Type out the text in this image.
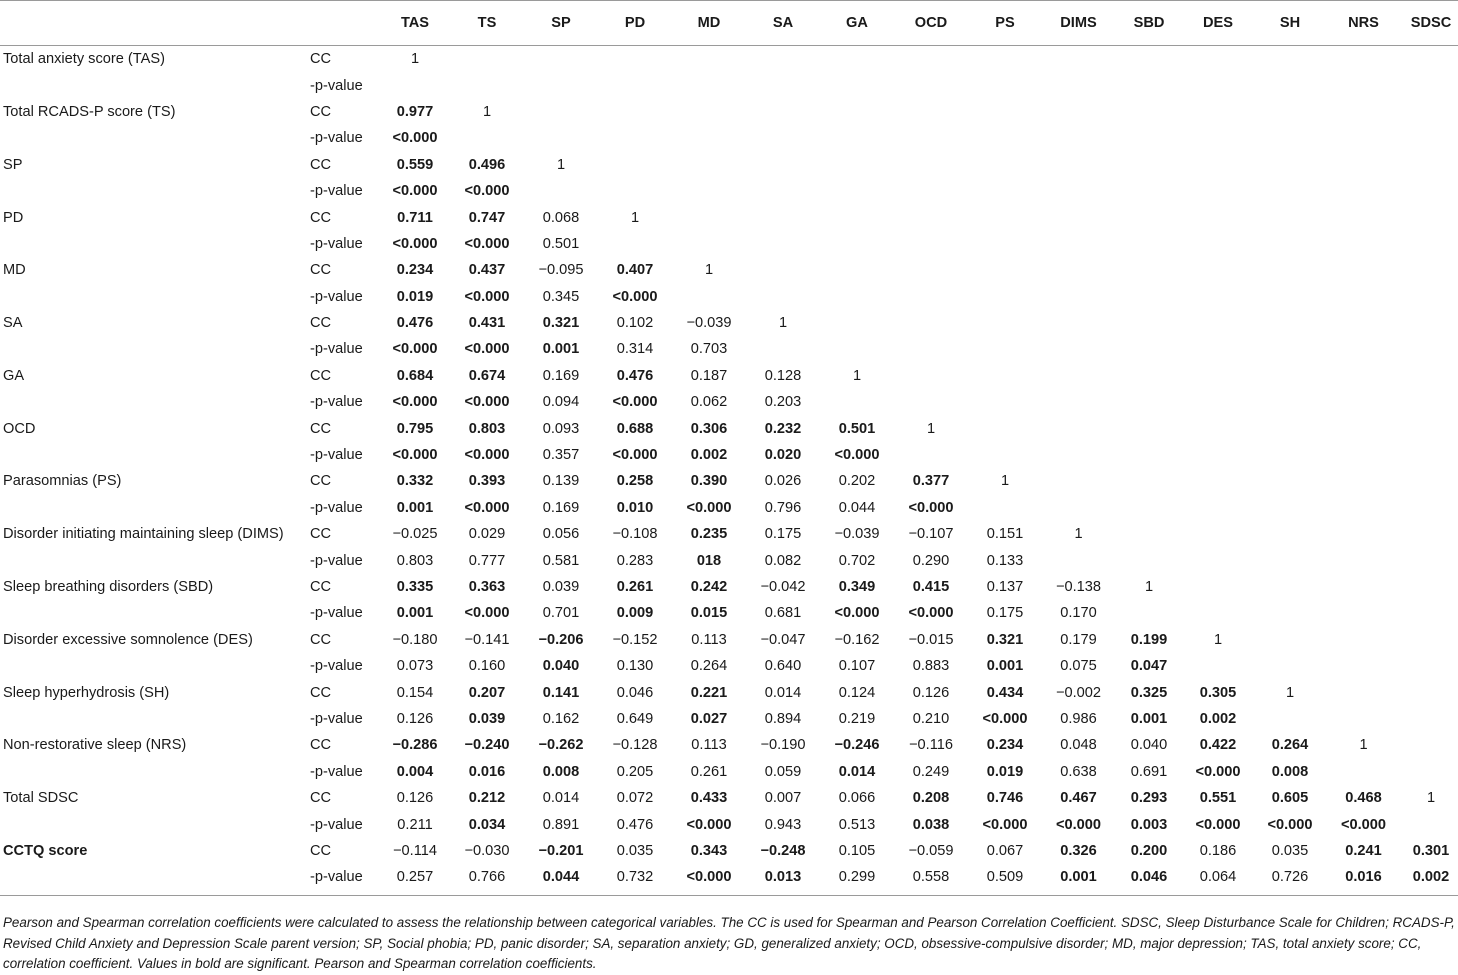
		TAS	TS	SP	PD	MD	SA	GA	OCD	PS	DIMS	SBD	DES	SH	NRS	SDSC
Total anxiety score (TAS)	CC	1														
	-p-value															
Total RCADS-P score (TS)	CC	0.977	1													
	-p-value	<0.000														
SP	CC	0.559	0.496	1												
	-p-value	<0.000	<0.000													
PD	CC	0.711	0.747	0.068	1											
	-p-value	<0.000	<0.000	0.501												
MD	CC	0.234	0.437	−0.095	0.407	1										
	-p-value	0.019	<0.000	0.345	<0.000											
SA	CC	0.476	0.431	0.321	0.102	−0.039	1									
	-p-value	<0.000	<0.000	0.001	0.314	0.703										
GA	CC	0.684	0.674	0.169	0.476	0.187	0.128	1								
	-p-value	<0.000	<0.000	0.094	<0.000	0.062	0.203									
OCD	CC	0.795	0.803	0.093	0.688	0.306	0.232	0.501	1							
	-p-value	<0.000	<0.000	0.357	<0.000	0.002	0.020	<0.000								
Parasomnias (PS)	CC	0.332	0.393	0.139	0.258	0.390	0.026	0.202	0.377	1						
	-p-value	0.001	<0.000	0.169	0.010	<0.000	0.796	0.044	<0.000							
Disorder initiating maintaining sleep (DIMS)	CC	−0.025	0.029	0.056	−0.108	0.235	0.175	−0.039	−0.107	0.151	1					
	-p-value	0.803	0.777	0.581	0.283	018	0.082	0.702	0.290	0.133						
Sleep breathing disorders (SBD)	CC	0.335	0.363	0.039	0.261	0.242	−0.042	0.349	0.415	0.137	−0.138	1				
	-p-value	0.001	<0.000	0.701	0.009	0.015	0.681	<0.000	<0.000	0.175	0.170					
Disorder excessive somnolence (DES)	CC	−0.180	−0.141	−0.206	−0.152	0.113	−0.047	−0.162	−0.015	0.321	0.179	0.199	1			
	-p-value	0.073	0.160	0.040	0.130	0.264	0.640	0.107	0.883	0.001	0.075	0.047				
Sleep hyperhydrosis (SH)	CC	0.154	0.207	0.141	0.046	0.221	0.014	0.124	0.126	0.434	−0.002	0.325	0.305	1		
	-p-value	0.126	0.039	0.162	0.649	0.027	0.894	0.219	0.210	<0.000	0.986	0.001	0.002			
Non-restorative sleep (NRS)	CC	−0.286	−0.240	−0.262	−0.128	0.113	−0.190	−0.246	−0.116	0.234	0.048	0.040	0.422	0.264	1	
	-p-value	0.004	0.016	0.008	0.205	0.261	0.059	0.014	0.249	0.019	0.638	0.691	<0.000	0.008		
Total SDSC	CC	0.126	0.212	0.014	0.072	0.433	0.007	0.066	0.208	0.746	0.467	0.293	0.551	0.605	0.468	1
	-p-value	0.211	0.034	0.891	0.476	<0.000	0.943	0.513	0.038	<0.000	<0.000	0.003	<0.000	<0.000	<0.000	
CCTQ score	CC	−0.114	−0.030	−0.201	0.035	0.343	−0.248	0.105	−0.059	0.067	0.326	0.200	0.186	0.035	0.241	0.301
	-p-value	0.257	0.766	0.044	0.732	<0.000	0.013	0.299	0.558	0.509	0.001	0.046	0.064	0.726	0.016	0.002
Pearson and Spearman correlation coefficients were calculated to assess the relationship between categorical variables. The CC is used for Spearman and Pearson Correlation Coefficient. SDSC, Sleep Disturbance Scale for Children; RCADS-P, Revised Child Anxiety and Depression Scale parent version; SP, Social phobia; PD, panic disorder; SA, separation anxiety; GD, generalized anxiety; OCD, obsessive-compulsive disorder; MD, major depression; TAS, total anxiety score; CC, correlation coefficient. Values in bold are significant. Pearson and Spearman correlation coefficients.
